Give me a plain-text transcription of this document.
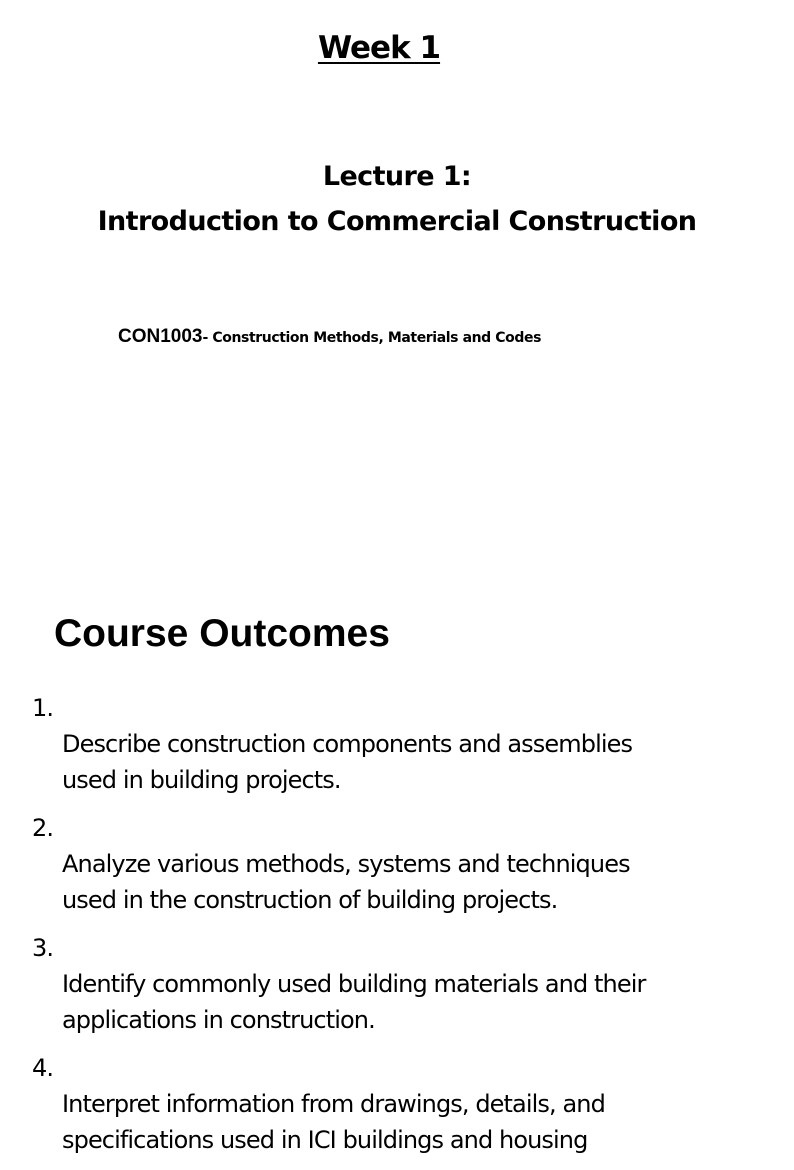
Week 1
Lecture 1:
Introduction to Commercial Construction
CON1003- Construction Methods, Materials and Codes
Course Outcomes

1.
Describe construction components and assemblies
used in building projects.

2.
Analyze various methods, systems and techniques
used in the construction of building projects.

3.
Identify commonly used building materials and their
applications in construction.

4.
Interpret information from drawings, details, and
specifications used in ICI buildings and housing
